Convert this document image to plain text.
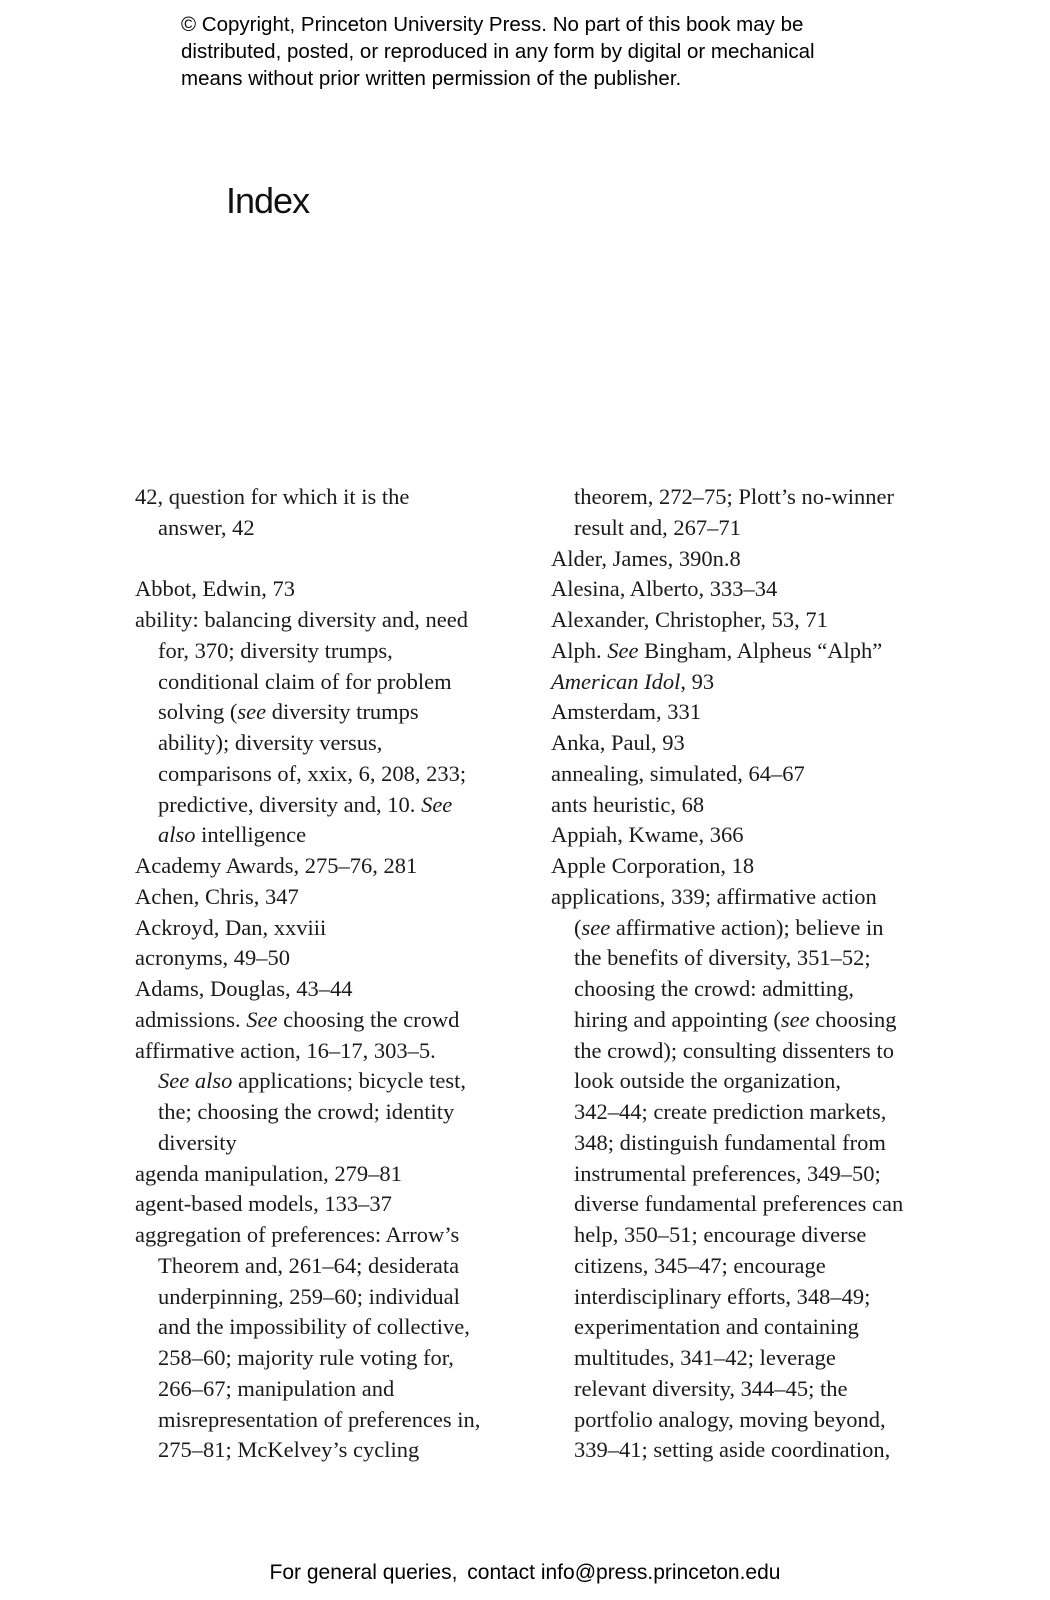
© Copyright, Princeton University Press. No part of this book may be
distributed, posted, or reproduced in any form by digital or mechanical
means without prior written permission of the publisher.
Index
42, question for which it is the
answer, 42
Abbot, Edwin, 73
ability: balancing diversity and, need
for, 370; diversity trumps,
conditional claim of for problem
solving (see diversity trumps
ability); diversity versus,
comparisons of, xxix, 6, 208, 233;
predictive, diversity and, 10. See
also intelligence
Academy Awards, 275–76, 281
Achen, Chris, 347
Ackroyd, Dan, xxviii
acronyms, 49–50
Adams, Douglas, 43–44
admissions. See choosing the crowd
affirmative action, 16–17, 303–5.
See also applications; bicycle test,
the; choosing the crowd; identity
diversity
agenda manipulation, 279–81
agent-based models, 133–37
aggregation of preferences: Arrow’s
Theorem and, 261–64; desiderata
underpinning, 259–60; individual
and the impossibility of collective,
258–60; majority rule voting for,
266–67; manipulation and
misrepresentation of preferences in,
275–81; McKelvey’s cycling
theorem, 272–75; Plott’s no-winner
result and, 267–71
Alder, James, 390n.8
Alesina, Alberto, 333–34
Alexander, Christopher, 53, 71
Alph. See Bingham, Alpheus “Alph”
American Idol, 93
Amsterdam, 331
Anka, Paul, 93
annealing, simulated, 64–67
ants heuristic, 68
Appiah, Kwame, 366
Apple Corporation, 18
applications, 339; affirmative action
(see affirmative action); believe in
the benefits of diversity, 351–52;
choosing the crowd: admitting,
hiring and appointing (see choosing
the crowd); consulting dissenters to
look outside the organization,
342–44; create prediction markets,
348; distinguish fundamental from
instrumental preferences, 349–50;
diverse fundamental preferences can
help, 350–51; encourage diverse
citizens, 345–47; encourage
interdisciplinary efforts, 348–49;
experimentation and containing
multitudes, 341–42; leverage
relevant diversity, 344–45; the
portfolio analogy, moving beyond,
339–41; setting aside coordination,
For general queries, contact info@press.princeton.edu
